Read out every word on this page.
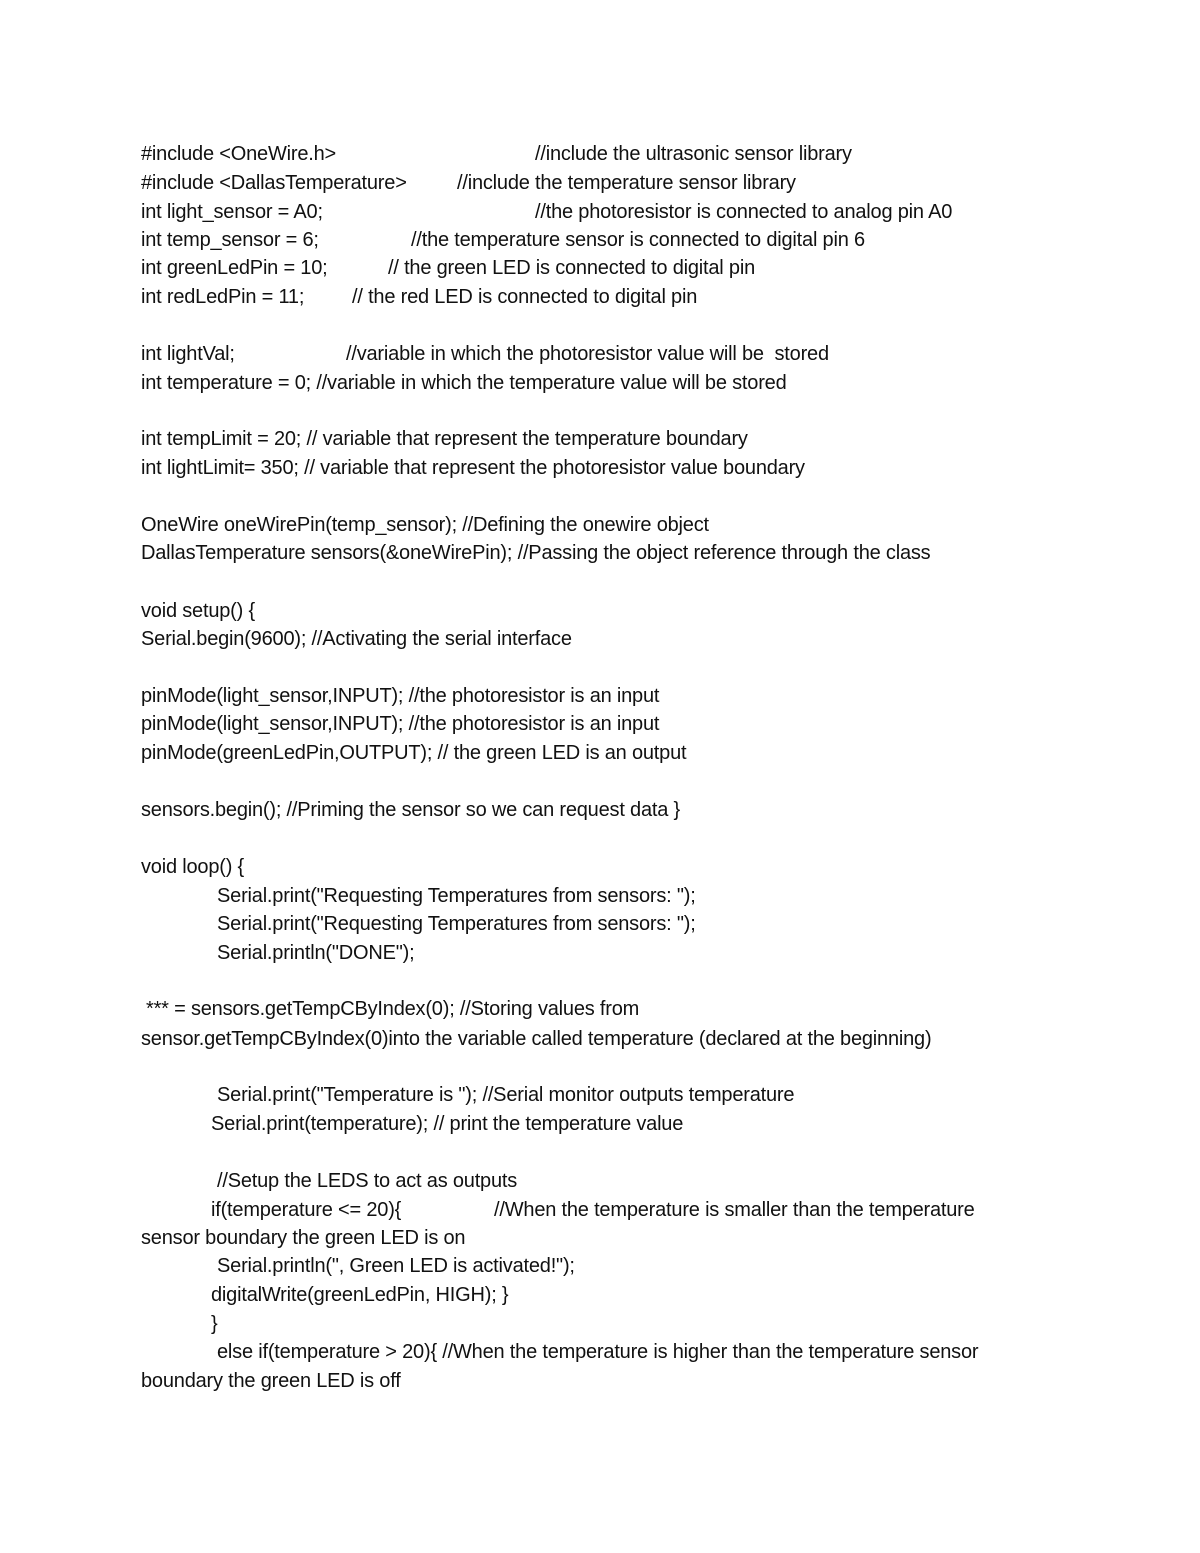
#include <OneWire.h>	//include the ultrasonic sensor library
#include <DallasTemperature>	//include the temperature sensor library
int light_sensor = A0;	//the photoresistor is connected to analog pin A0
int temp_sensor = 6;	//the temperature sensor is connected to digital pin 6
int greenLedPin = 10;	// the green LED is connected to digital pin
int redLedPin = 11; // the red LED is connected to digital pin
int lightVal;	//variable in which the photoresistor value will be  stored
int temperature = 0; //variable in which the temperature value will be stored
int tempLimit = 20; // variable that represent the temperature boundary
int lightLimit= 350; // variable that represent the photoresistor value boundary
OneWire oneWirePin(temp_sensor); //Defining the onewire object
DallasTemperature sensors(&oneWirePin); //Passing the object reference through the class
void setup() {
Serial.begin(9600); //Activating the serial interface
pinMode(light_sensor,INPUT); //the photoresistor is an input
pinMode(light_sensor,INPUT); //the photoresistor is an input
pinMode(greenLedPin,OUTPUT); // the green LED is an output
sensors.begin(); //Priming the sensor so we can request data }
void loop() {
Serial.print("Requesting Temperatures from sensors: ");
Serial.print("Requesting Temperatures from sensors: ");
Serial.println("DONE");
*** = sensors.getTempCByIndex(0); //Storing values from
sensor.getTempCByIndex(0)into the variable called temperature (declared at the beginning)
Serial.print("Temperature is "); //Serial monitor outputs temperature
Serial.print(temperature); // print the temperature value
//Setup the LEDS to act as outputs
if(temperature <= 20){	//When the temperature is smaller than the temperature
sensor boundary the green LED is on
Serial.println(", Green LED is activated!");
digitalWrite(greenLedPin, HIGH); }
}
else if(temperature > 20){ //When the temperature is higher than the temperature sensor
boundary the green LED is off
